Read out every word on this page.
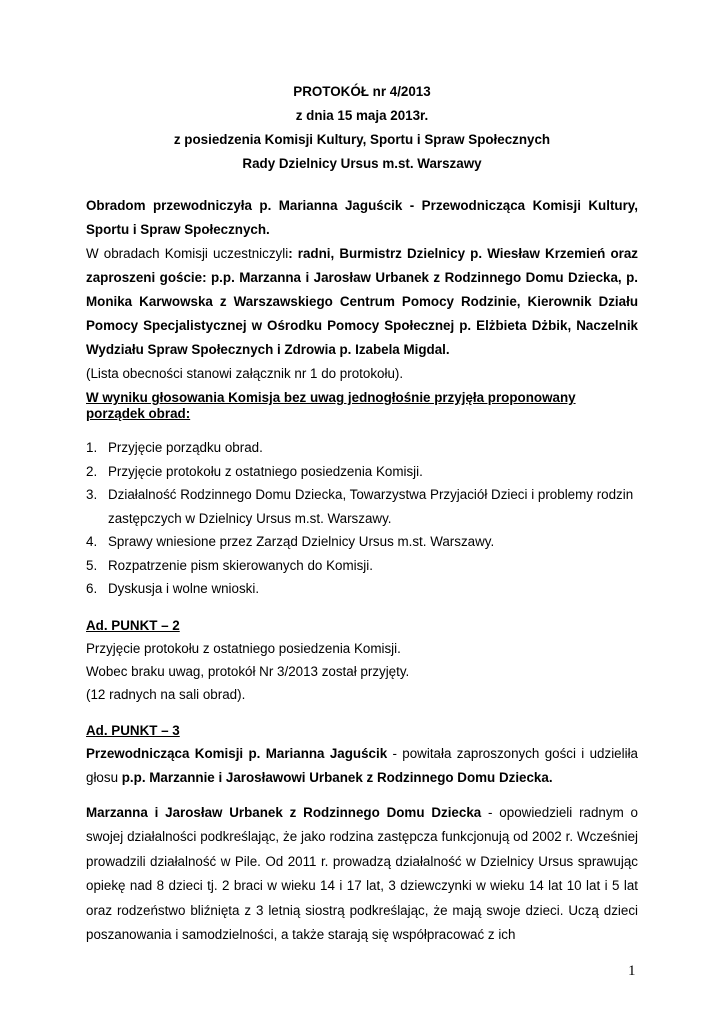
PROTOKÓŁ nr 4/2013
z dnia 15 maja 2013r.
z posiedzenia Komisji Kultury, Sportu i Spraw Społecznych
Rady Dzielnicy Ursus m.st. Warszawy

Obradom przewodniczyła p. Marianna Jaguścik - Przewodnicząca Komisji Kultury, Sportu i Spraw Społecznych.

W obradach Komisji uczestniczyli: radni, Burmistrz Dzielnicy p. Wiesław Krzemień oraz zaproszeni goście: p.p. Marzanna i Jarosław Urbanek z Rodzinnego Domu Dziecka, p. Monika Karwowska z Warszawskiego Centrum Pomocy Rodzinie, Kierownik Działu Pomocy Specjalistycznej w Ośrodku Pomocy Społecznej p. Elżbieta Dżbik, Naczelnik Wydziału Spraw Społecznych i Zdrowia p. Izabela Migdal.

(Lista obecności stanowi załącznik nr 1 do protokołu).

W wyniku głosowania Komisja bez uwag jednogłośnie przyjęła proponowany porządek obrad:

1. Przyjęcie porządku obrad.
2. Przyjęcie protokołu z ostatniego posiedzenia Komisji.
3. Działalność Rodzinnego Domu Dziecka, Towarzystwa Przyjaciół Dzieci i problemy rodzin zastępczych w Dzielnicy Ursus m.st. Warszawy.
4. Sprawy wniesione przez Zarząd Dzielnicy Ursus m.st. Warszawy.
5. Rozpatrzenie pism skierowanych do Komisji.
6. Dyskusja i wolne wnioski.

Ad. PUNKT – 2

Przyjęcie protokołu z ostatniego posiedzenia Komisji.

Wobec braku uwag, protokół Nr 3/2013 został przyjęty.

(12 radnych na sali obrad).

Ad. PUNKT – 3

Przewodnicząca Komisji p. Marianna Jaguścik - powitała zaproszonych gości i udzieliła głosu p.p. Marzannie i Jarosławowi Urbanek z Rodzinnego Domu Dziecka.

Marzanna i Jarosław Urbanek z Rodzinnego Domu Dziecka - opowiedzieli radnym o swojej działalności podkreślając, że jako rodzina zastępcza funkcjonują od 2002 r. Wcześniej prowadzili działalność w Pile. Od 2011 r. prowadzą działalność w Dzielnicy Ursus sprawując opiekę nad 8 dzieci tj. 2 braci w wieku 14 i 17 lat, 3 dziewczynki w wieku 14 lat 10 lat i 5 lat oraz rodzeństwo bliźnięta z 3 letnią siostrą podkreślając, że mają swoje dzieci. Uczą dzieci poszanowania i samodzielności, a także starają się współpracować z ich

1
